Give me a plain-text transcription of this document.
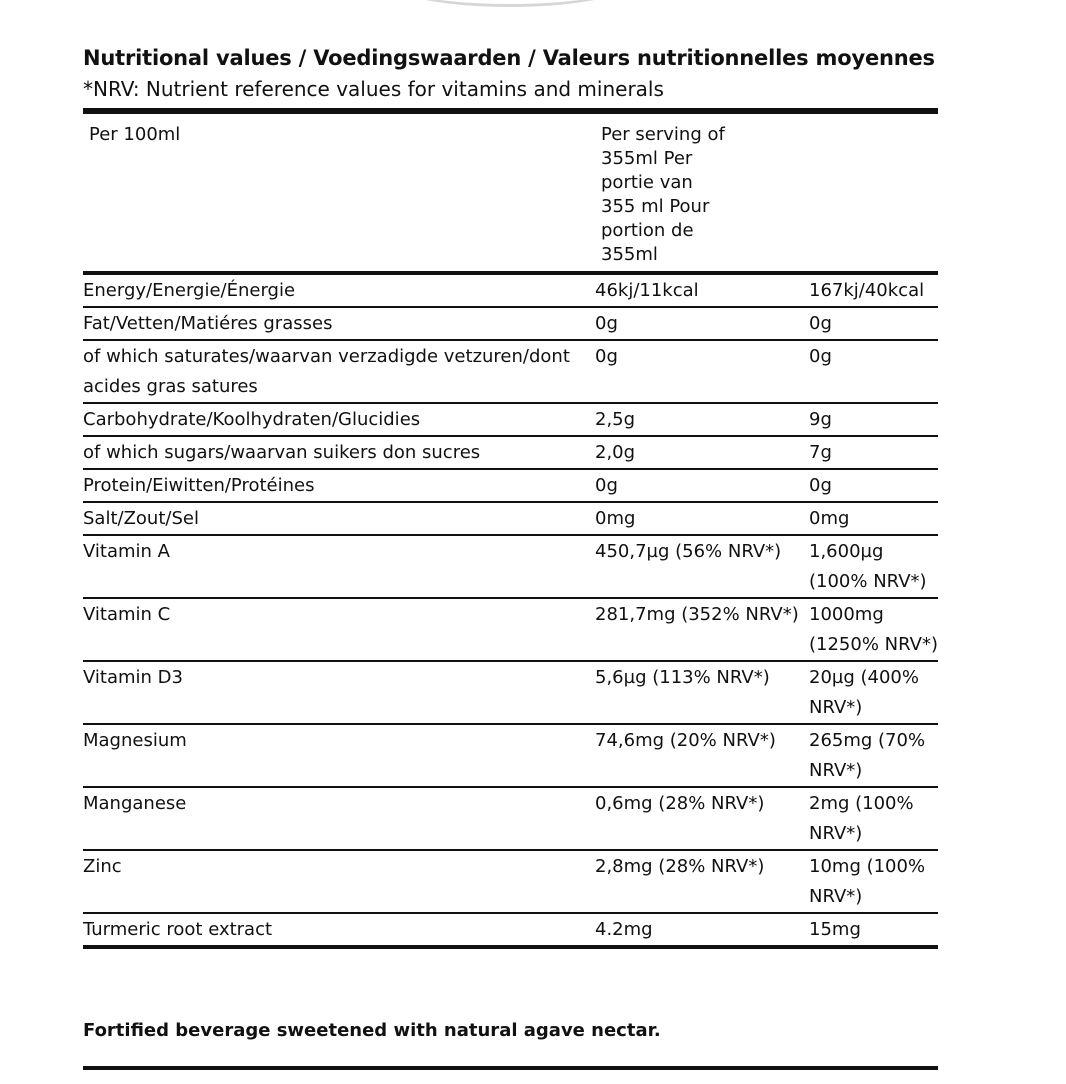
Nutritional values / Voedingswaarden / Valeurs nutritionnelles moyennes
*NRV: Nutrient reference values for vitamins and minerals
Per 100ml	Per serving of 355ml Per portie van 355 ml Pour portion de 355ml	
Energy/Energie/Énergie	46kj/11kcal	167kj/40kcal
Fat/Vetten/Matiéres grasses	0g	0g
of which saturates/waarvan verzadigde vetzuren/dont acides gras satures	0g	0g
Carbohydrate/Koolhydraten/Glucidies	2,5g	9g
of which sugars/waarvan suikers don sucres	2,0g	7g
Protein/Eiwitten/Protéines	0g	0g
Salt/Zout/Sel	0mg	0mg
Vitamin A	450,7µg (56% NRV*)	1,600µg (100% NRV*)
Vitamin C	281,7mg (352% NRV*)	1000mg (1250% NRV*)
Vitamin D3	5,6µg (113% NRV*)	20µg (400% NRV*)
Magnesium	74,6mg (20% NRV*)	265mg (70% NRV*)
Manganese	0,6mg (28% NRV*)	2mg (100% NRV*)
Zinc	2,8mg (28% NRV*)	10mg (100% NRV*)
Turmeric root extract	4.2mg	15mg
Fortified beverage sweetened with natural agave nectar.
